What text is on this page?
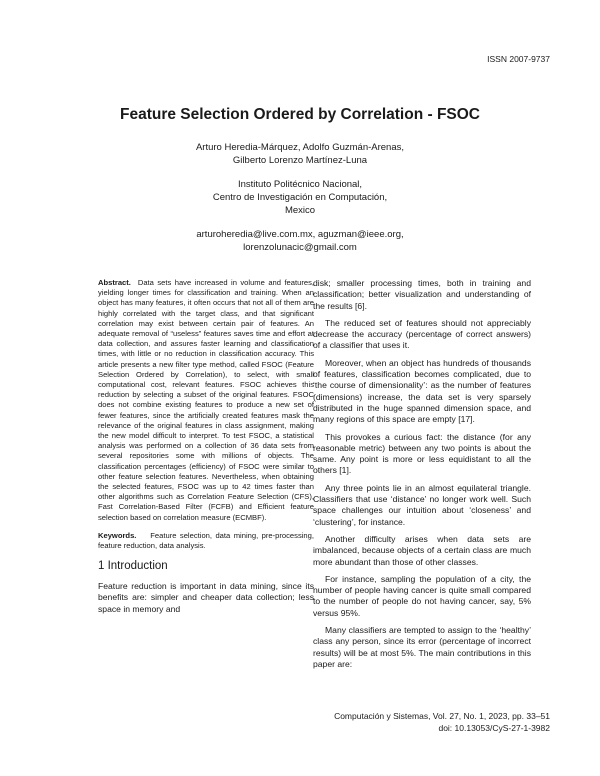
ISSN 2007-9737
Feature Selection Ordered by Correlation - FSOC
Arturo Heredia-Márquez, Adolfo Guzmán-Arenas,
Gilberto Lorenzo Martínez-Luna
Instituto Politécnico Nacional,
Centro de Investigación en Computación,
Mexico
arturoheredia@live.com.mx, aguzman@ieee.org,
lorenzolunacic@gmail.com

Abstract. Data sets have increased in volume and features, yielding longer times for classification and training. When an object has many features, it often occurs that not all of them are highly correlated with the target class, and that significant correlation may exist between certain pair of features. An adequate removal of “useless” features saves time and effort at data collection, and assures faster learning and classification times, with little or no reduction in classification accuracy. This article presents a new filter type method, called FSOC (Feature Selection Ordered by Correlation), to select, with small computational cost, relevant features. FSOC achieves this reduction by selecting a subset of the original features. FSOC does not combine existing features to produce a new set of fewer features, since the artificially created features mask the relevance of the original features in class assignment, making the new model difficult to interpret. To test FSOC, a statistical analysis was performed on a collection of 36 data sets from several repositories some with millions of objects. The classification percentages (efficiency) of FSOC were similar to other feature selection features. Nevertheless, when obtaining the selected features, FSOC was up to 42 times faster than other algorithms such as Correlation Feature Selection (CFS), Fast Correlation-Based Filter (FCFB) and Efficient feature selection based on correlation measure (ECMBF).

Keywords. Feature selection, data mining, pre-processing, feature reduction, data analysis.

1 Introduction

Feature reduction is important in data mining, since its benefits are: simpler and cheaper data collection; less space in memory and

disk; smaller processing times, both in training and classification; better visualization and understanding of the results [6].

The reduced set of features should not appreciably decrease the accuracy (percentage of correct answers) of a classifier that uses it.

Moreover, when an object has hundreds of thousands of features, classification becomes complicated, due to ‘the course of dimensionality’: as the number of features (dimensions) increase, the data set is very sparsely distributed in the huge spanned dimension space, and many regions of this space are empty [17].

This provokes a curious fact: the distance (for any reasonable metric) between any two points is about the same. Any point is more or less equidistant to all the others [1].

Any three points lie in an almost equilateral triangle. Classifiers that use ‘distance’ no longer work well. Such space challenges our intuition about ‘closeness’ and ‘clustering’, for instance.

Another difficulty arises when data sets are imbalanced, because objects of a certain class are much more abundant than those of other classes.

For instance, sampling the population of a city, the number of people having cancer is quite small compared to the number of people do not having cancer, say, 5% versus 95%.

Many classifiers are tempted to assign to the ‘healthy’ class any person, since its error (percentage of incorrect results) will be at most 5%. The main contributions in this paper are:

Computación y Sistemas, Vol. 27, No. 1, 2023, pp. 33–51
doi: 10.13053/CyS-27-1-3982
